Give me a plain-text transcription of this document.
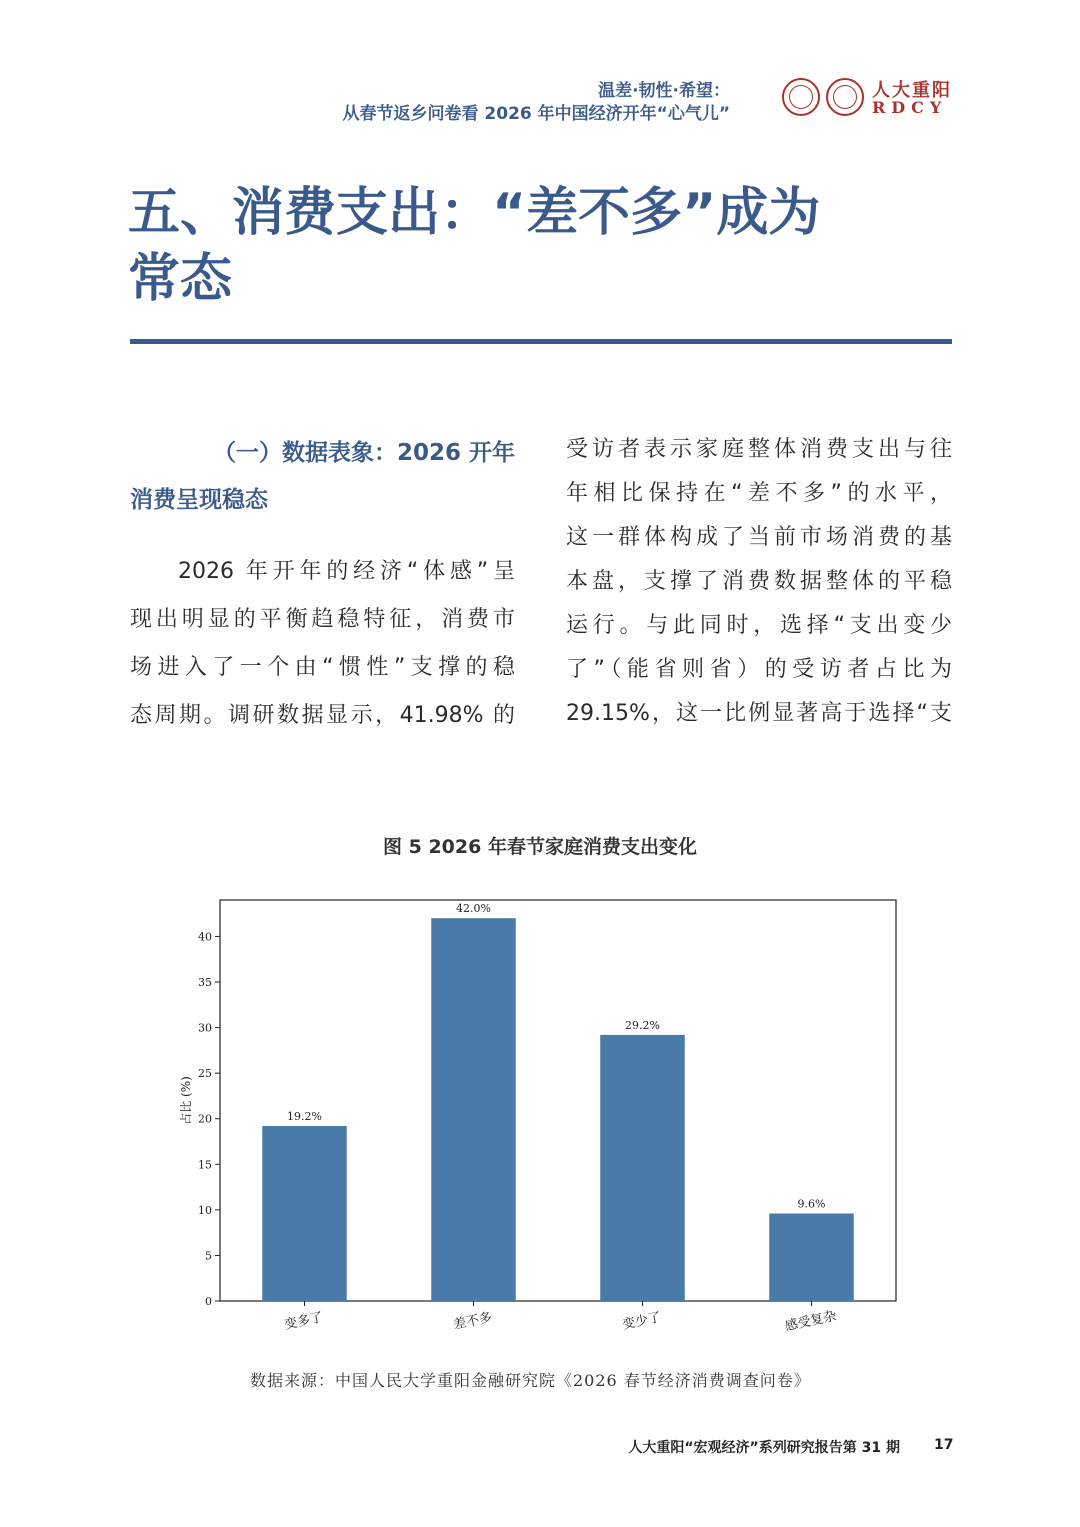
温差·韧性·希望：
从春节返乡问卷看 2026 年中国经济开年“心气儿”
人大重阳
RDCY
五、消费支出：“差不多”成为
常态
（一）数据表象：2026 开年
消费呈现稳态

2026 年开年的经济“体感”呈
现出明显的平衡趋稳特征，消费市
场进入了一个由“惯性”支撑的稳
态周期。调研数据显示，41.98% 的

受访者表示家庭整体消费支出与往
年相比保持在“差不多”的水平，
这一群体构成了当前市场消费的基
本盘，支撑了消费数据整体的平稳
运行。与此同时，选择“支出变少
了”（能省则省）的受访者占比为
29.15%，这一比例显著高于选择“支

图 5 2026 年春节家庭消费支出变化
0
5
10
15
20
25
30
35
40
占比 (%)	19.2%
变多了
42.0%
差不多
29.2%
变少了
9.6%
感受复杂
数据来源：中国人民大学重阳金融研究院《2026 春节经济消费调查问卷》
人大重阳“宏观经济”系列研究报告第 31 期 17
